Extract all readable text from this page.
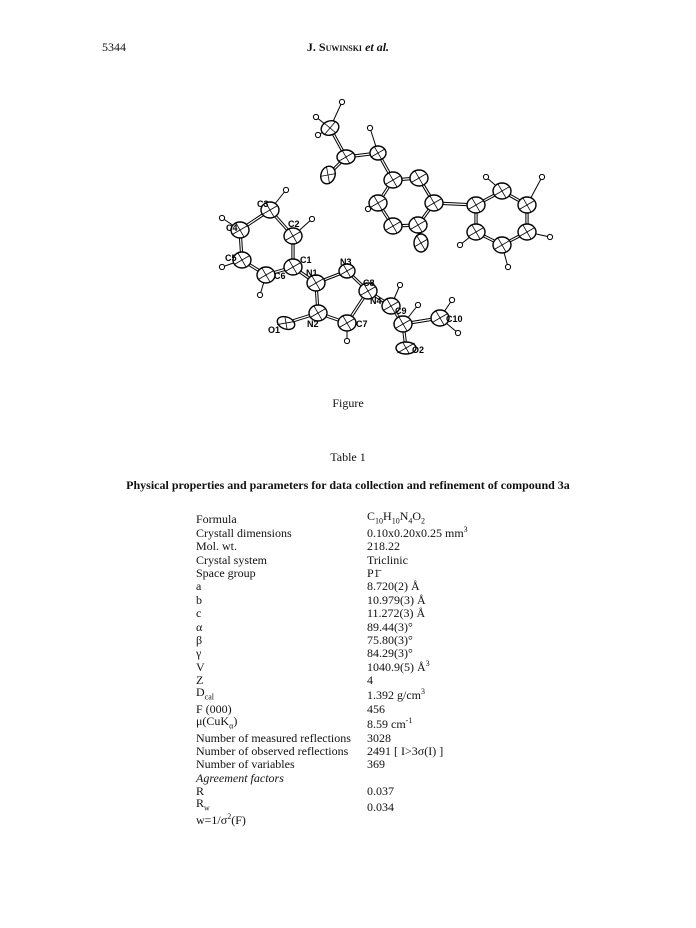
5344	J. Suwinski et al.
C3
C2
C4
C1	N3
C5
C6 N1
C8
N4
C9
C10
O1
N2	C7
O2
Figure
Table 1
Physical properties and parameters for data collection and refinement of compound 3a
Formula	$C_{10}H_{10}N_4O_2$
Crystall dimensions	0.10x0.20x0.25 $mm^3$
Mol. wt.	218.22
Crystal system	Triclinic
Space group	P1̄
a	8.720(2) Å
b	10.979(3) Å
c	11.272(3) Å
α	89.44(3)°
β	75.80(3)°
γ	84.29(3)°
V	1040.9(5) $Å^3$
Z	4
$D_{cal}$	1.392 $g/cm^3$
F (000)	456
μ(CuK$_\alpha$)	8.59 $cm^{-1}$
Number of measured reflections	3028
Number of observed reflections	2491 [ I>3σ(I) ]
Number of variables	369
Agreement factors	
R	0.037
$R_w$	0.034
$w=1/\sigma^2(F)$	
